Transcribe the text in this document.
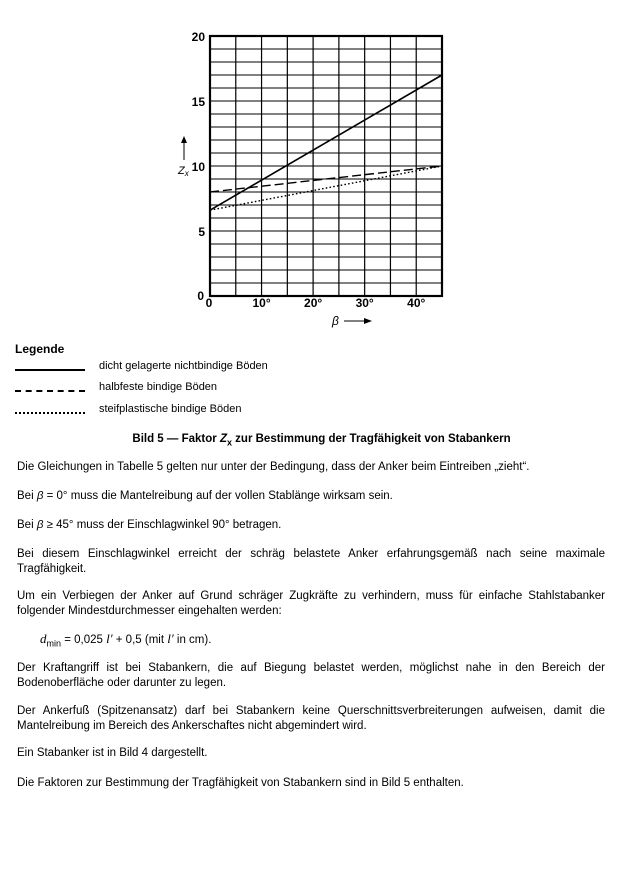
5
10
15
20
0 0	10°	20°	30°	40°
Zx
β
Legende
dicht gelagerte nichtbindige Böden
halbfeste bindige Böden
steifplastische bindige Böden
Bild 5 — Faktor $Z_x$ zur Bestimmung der Tragfähigkeit von Stabankern

Die Gleichungen in Tabelle 5 gelten nur unter der Bedingung, dass der Anker beim Eintreiben „zieht“.

Bei β = 0° muss die Mantelreibung auf der vollen Stablänge wirksam sein.

Bei β ≥ 45° muss der Einschlagwinkel 90° betragen.

Bei diesem Einschlagwinkel erreicht der schräg belastete Anker erfahrungsgemäß nach seine maximale Tragfähigkeit.

Um ein Verbiegen der Anker auf Grund schräger Zugkräfte zu verhindern, muss für einfache Stahlstabanker folgender Mindestdurchmesser eingehalten werden:

$d_{min} = 0,025$ l′ + 0,5 (mit l′ in cm).

Der Kraftangriff ist bei Stabankern, die auf Biegung belastet werden, möglichst nahe in den Bereich der Bodenoberfläche oder darunter zu legen.

Der Ankerfuß (Spitzenansatz) darf bei Stabankern keine Querschnittsverbreiterungen aufweisen, damit die Mantelreibung im Bereich des Ankerschaftes nicht abgemindert wird.

Ein Stabanker ist in Bild 4 dargestellt.

Die Faktoren zur Bestimmung der Tragfähigkeit von Stabankern sind in Bild 5 enthalten.
